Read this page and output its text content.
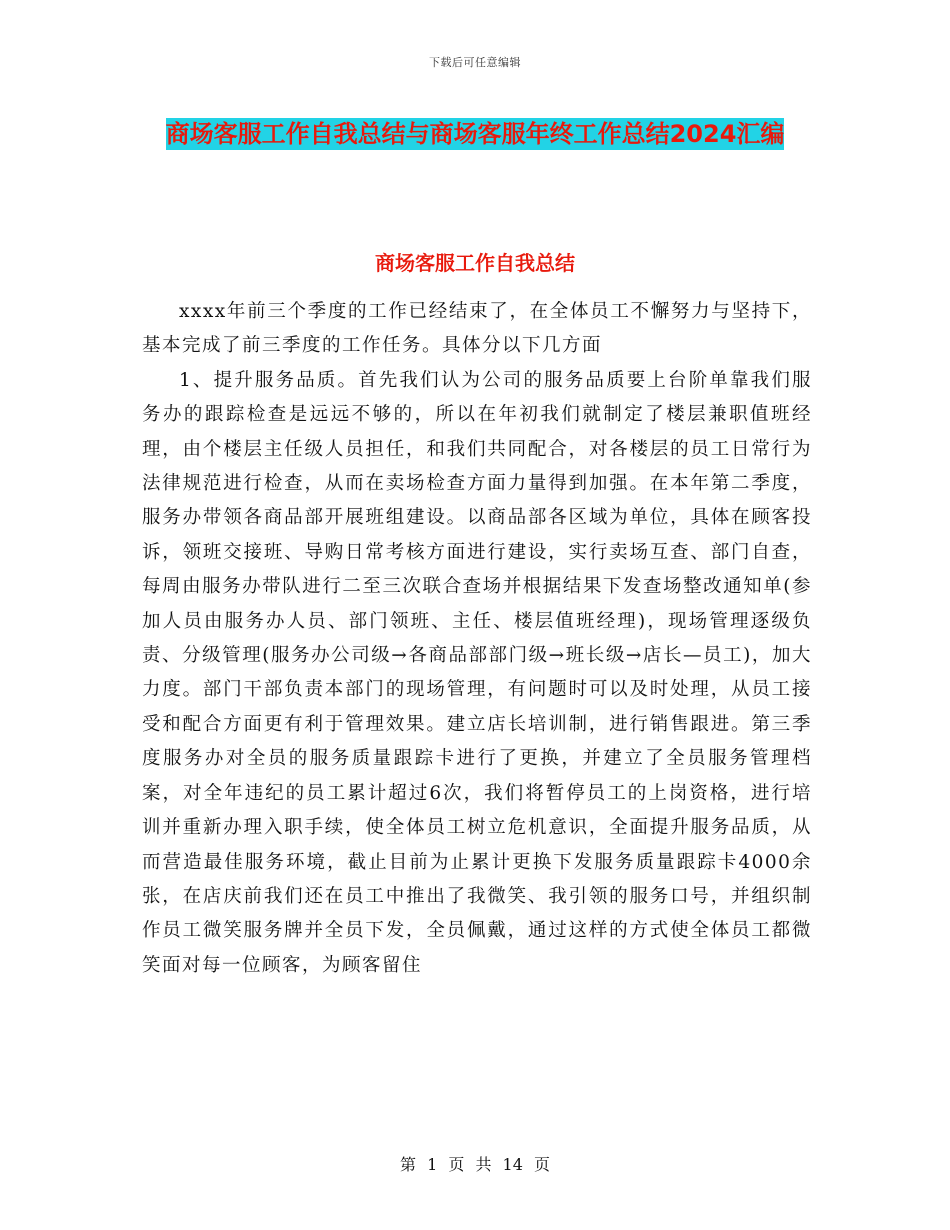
下载后可任意编辑
商场客服工作自我总结与商场客服年终工作总结2024汇编
商场客服工作自我总结

xxxx年前三个季度的工作已经结束了，在全体员工不懈努力与坚持下，基本完成了前三季度的工作任务。具体分以下几方面

1、提升服务品质。首先我们认为公司的服务品质要上台阶单靠我们服务办的跟踪检查是远远不够的，所以在年初我们就制定了楼层兼职值班经理，由个楼层主任级人员担任，和我们共同配合，对各楼层的员工日常行为法律规范进行检查，从而在卖场检查方面力量得到加强。在本年第二季度，服务办带领各商品部开展班组建设。以商品部各区域为单位，具体在顾客投诉，领班交接班、导购日常考核方面进行建设，实行卖场互查、部门自查，每周由服务办带队进行二至三次联合查场并根据结果下发查场整改通知单(参加人员由服务办人员、部门领班、主任、楼层值班经理)，现场管理逐级负责、分级管理(服务办公司级→各商品部部门级→班长级→店长—员工)，加大力度。部门干部负责本部门的现场管理，有问题时可以及时处理，从员工接受和配合方面更有利于管理效果。建立店长培训制，进行销售跟进。第三季度服务办对全员的服务质量跟踪卡进行了更换，并建立了全员服务管理档案，对全年违纪的员工累计超过6次，我们将暂停员工的上岗资格，进行培训并重新办理入职手续，使全体员工树立危机意识，全面提升服务品质，从而营造最佳服务环境，截止目前为止累计更换下发服务质量跟踪卡4000余张，在店庆前我们还在员工中推出了我微笑、我引领的服务口号，并组织制作员工微笑服务牌并全员下发，全员佩戴，通过这样的方式使全体员工都微笑面对每一位顾客，为顾客留住

第 1 页 共 14 页
